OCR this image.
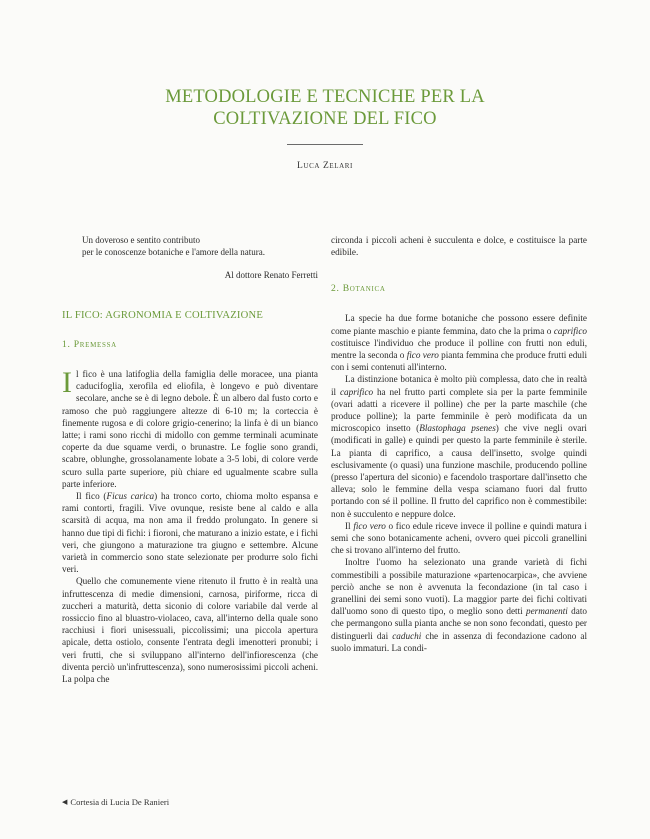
METODOLOGIE E TECNICHE PER LA
COLTIVAZIONE DEL FICO
Luca Zelari
Un doveroso e sentito contributo
per le conoscenze botaniche e l'amore della natura.
Al dottore Renato Ferretti
IL FICO: AGRONOMIA E COLTIVAZIONE
1. Premessa

Il fico è una latifoglia della famiglia delle moracee, una pianta caducifoglia, xerofila ed eliofila, è longevo e può diventare secolare, anche se è di legno debole. È un albero dal fusto corto e ramoso che può raggiungere altezze di 6-10 m; la corteccia è finemente rugosa e di colore grigio-cenerino; la linfa è di un bianco latte; i rami sono ricchi di midollo con gemme terminali acuminate coperte da due squame verdi, o brunastre. Le foglie sono grandi, scabre, oblunghe, grossolanamente lobate a 3-5 lobi, di colore verde scuro sulla parte superiore, più chiare ed ugualmente scabre sulla parte inferiore.

Il fico (Ficus carica) ha tronco corto, chioma molto espansa e rami contorti, fragili. Vive ovunque, resiste bene al caldo e alla scarsità di acqua, ma non ama il freddo prolungato. In genere si hanno due tipi di fichi: i fioroni, che maturano a inizio estate, e i fichi veri, che giungono a maturazione tra giugno e settembre. Alcune varietà in commercio sono state selezionate per produrre solo fichi veri.

Quello che comunemente viene ritenuto il frutto è in realtà una infruttescenza di medie dimensioni, carnosa, piriforme, ricca di zuccheri a maturità, detta siconio di colore variabile dal verde al rossiccio fino al bluastro-violaceo, cava, all'interno della quale sono racchiusi i fiori unisessuali, piccolissimi; una piccola apertura apicale, detta ostiolo, consente l'entrata degli imenotteri pronubi; i veri frutti, che si sviluppano all'interno dell'infiorescenza (che diventa perciò un'infruttescenza), sono numerosissimi piccoli acheni. La polpa che

circonda i piccoli acheni è succulenta e dolce, e costituisce la parte edibile.

2. Botanica

La specie ha due forme botaniche che possono essere definite come piante maschio e piante femmina, dato che la prima o caprifico costituisce l'individuo che produce il polline con frutti non eduli, mentre la seconda o fico vero pianta femmina che produce frutti eduli con i semi contenuti all'interno.

La distinzione botanica è molto più complessa, dato che in realtà il caprifico ha nel frutto parti complete sia per la parte femminile (ovari adatti a ricevere il polline) che per la parte maschile (che produce polline); la parte femminile è però modificata da un microscopico insetto (Blastophaga psenes) che vive negli ovari (modificati in galle) e quindi per questo la parte femminile è sterile. La pianta di caprifico, a causa dell'insetto, svolge quindi esclusivamente (o quasi) una funzione maschile, producendo polline (presso l'apertura del siconio) e facendolo trasportare dall'insetto che alleva; solo le femmine della vespa sciamano fuori dal frutto portando con sé il polline. Il frutto del caprifico non è commestibile: non è succulento e neppure dolce.

Il fico vero o fico edule riceve invece il polline e quindi matura i semi che sono botanicamente acheni, ovvero quei piccoli granellini che si trovano all'interno del frutto.

Inoltre l'uomo ha selezionato una grande varietà di fichi commestibili a possibile maturazione «partenocarpica», che avviene perciò anche se non è avvenuta la fecondazione (in tal caso i granellini dei semi sono vuoti). La maggior parte dei fichi coltivati dall'uomo sono di questo tipo, o meglio sono detti permanenti dato che permangono sulla pianta anche se non sono fecondati, questo per distinguerli dai caduchi che in assenza di fecondazione cadono al suolo immaturi. La condi-

◀ Cortesia di Lucia De Ranieri
